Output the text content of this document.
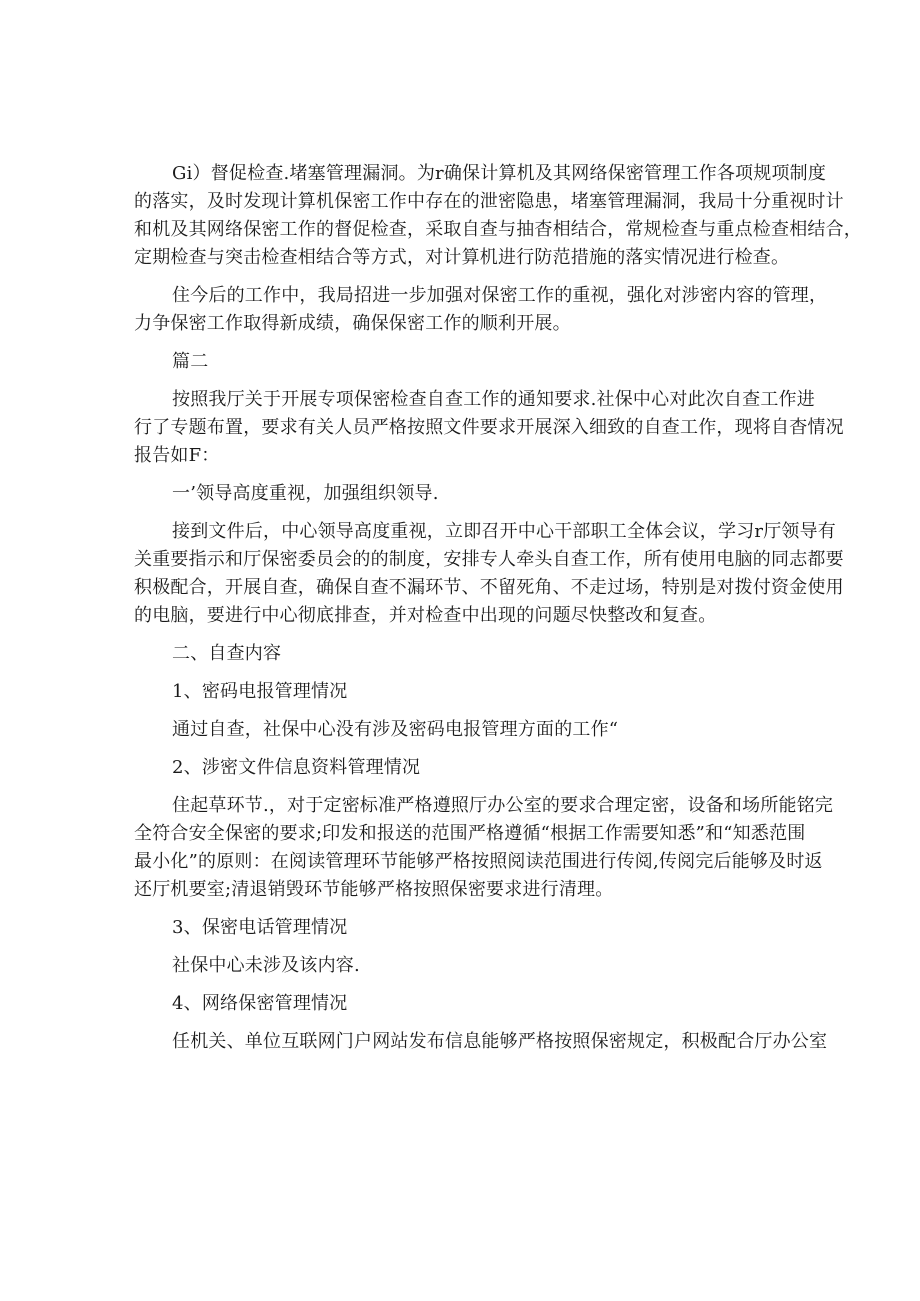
Gi）督促检查.堵塞管理漏洞。为r确保计算机及其网络保密管理工作各项规项制度
的落实，及时发现计算机保密工作中存在的泄密隐患，堵塞管理漏洞，我局十分重视时计
和机及其网络保密工作的督促检查，采取自查与抽杳相结合，常规检查与重点检查相结合，
定期检查与突击检查相结合等方式，对计算机进行防范措施的落实情况进行检查。
住今后的工作中，我局招进一步加强对保密工作的重视，强化对涉密内容的管理，
力争保密工作取得新成绩，确保保密工作的顺利开展。
篇二
按照我厅关于开展专项保密检查自查工作的通知要求.社保中心对此次自查工作进
行了专题布置，要求有关人员严格按照文件要求开展深入细致的自查工作，现将自杳情况
报告如F：
一’领导高度重视，加强组织领导.
接到文件后，中心领导高度重视，立即召开中心干部职工全体会议，学习r厅领导有
关重要指示和厅保密委员会的的制度，安排专人牵头自查工作，所有使用电脑的同志都要
积极配合，开展自查，确保自查不漏环节、不留死角、不走过场，特别是对拨付资金使用
的电脑，要进行中心彻底排查，并对检查中出现的问题尽快整改和复查。
二、自查内容
1、密码电报管理情况
通过自查，社保中心没有涉及密码电报管理方面的工作“
2、涉密文件信息资料管理情况
住起草环节.，对于定密标准严格遵照厅办公室的要求合理定密，设备和场所能铭完
全符合安全保密的要求;印发和报送的范围严格遵循“根据工作需要知悉”和“知悉范围
最小化”的原则：在阅读管理环节能够严格按照阅读范围进行传阅,传阅完后能够及时返
还厅机要室;清退销毁环节能够严格按照保密要求进行清理。
3、保密电话管理情况
社保中心未涉及该内容.
4、网络保密管理情况
任机关、单位互联网门户网站发布信息能够严格按照保密规定，积极配合厅办公室
